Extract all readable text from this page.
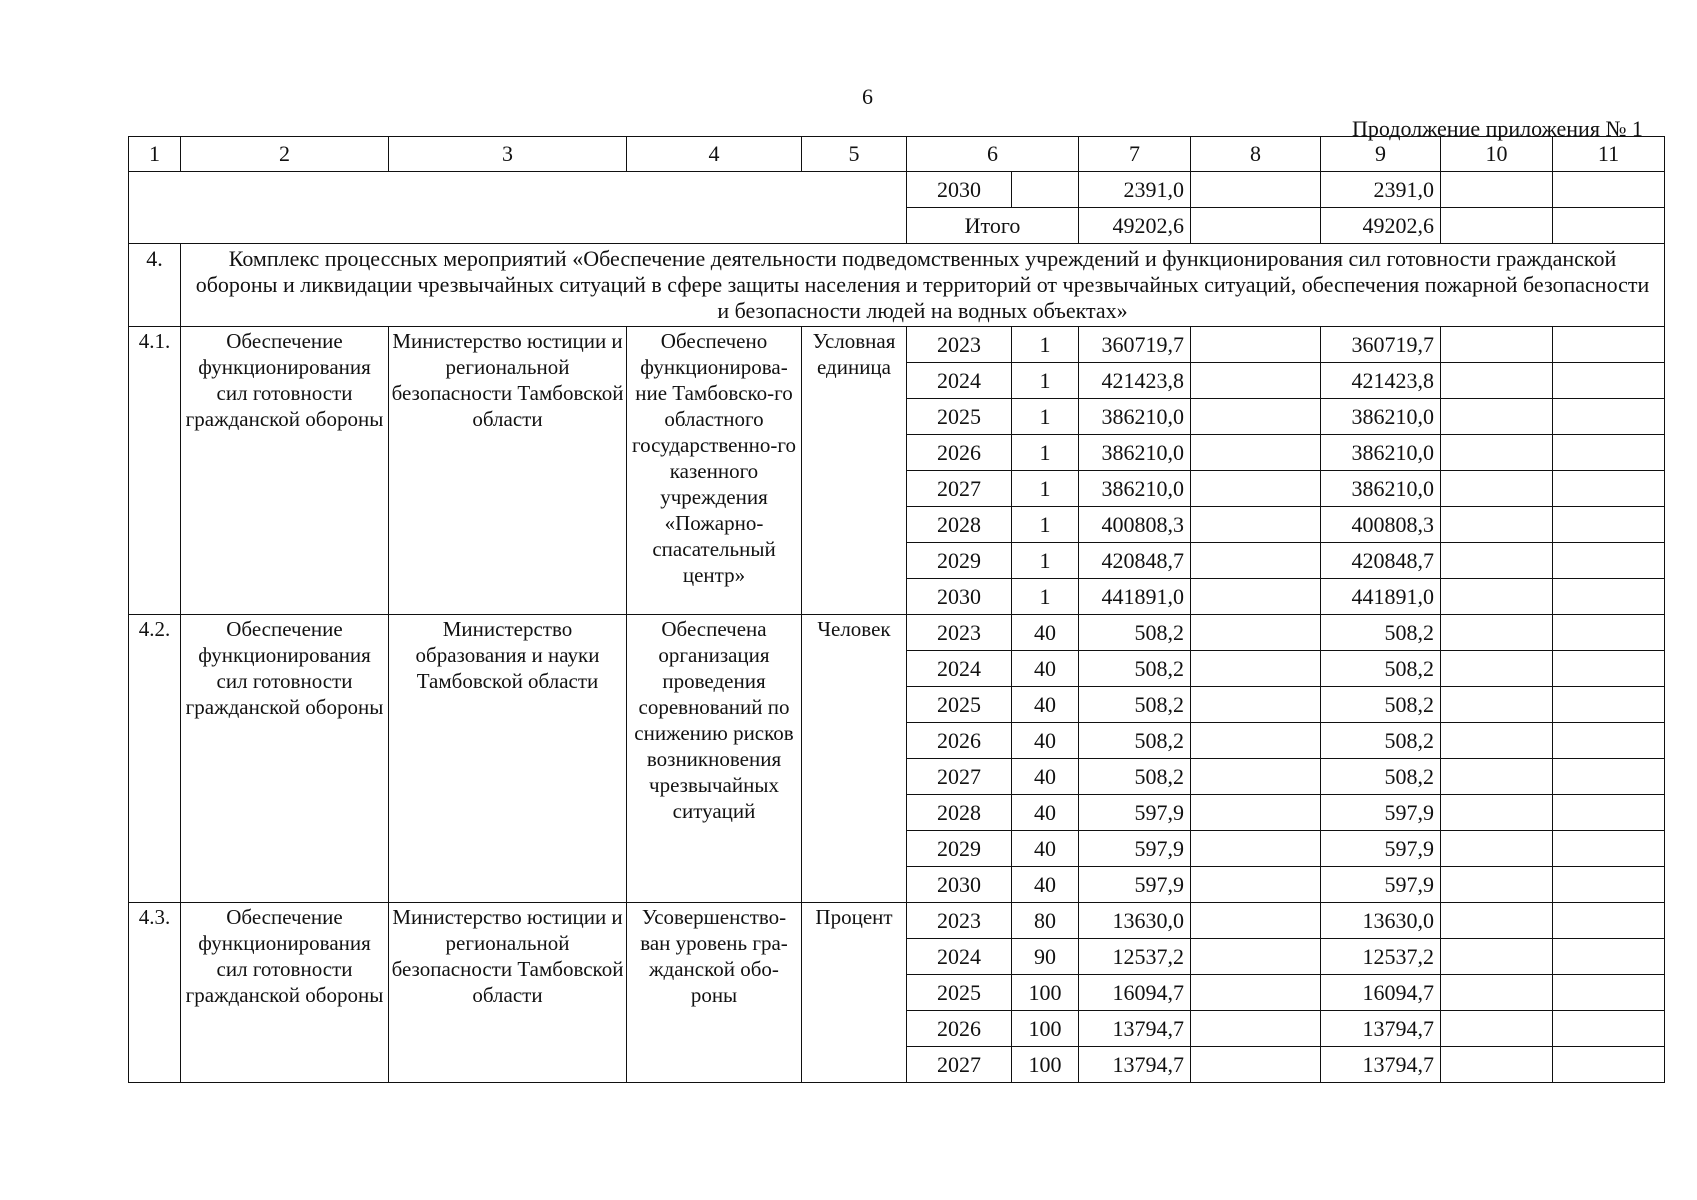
6
Продолжение приложения № 1
1	2	3	4	5	6		7	8	9	10	11
					2030		2391,0		2391,0		
					Итого		49202,6		49202,6		
4.	Комплекс процессных мероприятий «Обеспечение деятельности подведомственных учреждений и функционирования сил готовности гражданской обороны и ликвидации чрезвычайных ситуаций в сфере защиты населения и территорий от чрезвычайных ситуаций, обеспечения пожарной безопасности и безопасности людей на водных объектах»										
4.1.	Обеспечение функционирования сил готовности гражданской обороны	Министерство юстиции и региональной безопасности Тамбовской области	Обеспечено функционирова-ние Тамбовско-го областного государственно-го казенного учреждения «Пожарно-спасательный центр»	Условная единица	2023	1	360719,7		360719,7		
					2024	1	421423,8		421423,8		
					2025	1	386210,0		386210,0		
					2026	1	386210,0		386210,0		
					2027	1	386210,0		386210,0		
					2028	1	400808,3		400808,3		
					2029	1	420848,7		420848,7		
					2030	1	441891,0		441891,0		
4.2.	Обеспечение функционирования сил готовности гражданской обороны	Министерство образования и науки Тамбовской области	Обеспечена организация проведения соревнований по снижению рисков возникновения чрезвычайных ситуаций	Человек	2023	40	508,2		508,2		
					2024	40	508,2		508,2		
					2025	40	508,2		508,2		
					2026	40	508,2		508,2		
					2027	40	508,2		508,2		
					2028	40	597,9		597,9		
					2029	40	597,9		597,9		
					2030	40	597,9		597,9		
4.3.	Обеспечение функционирования сил готовности гражданской обороны	Министерство юстиции и региональной безопасности Тамбовской области	Усовершенство-ван уровень гра-жданской обо-роны	Процент	2023	80	13630,0		13630,0		
					2024	90	12537,2		12537,2		
					2025	100	16094,7		16094,7		
					2026	100	13794,7		13794,7		
					2027	100	13794,7		13794,7		
